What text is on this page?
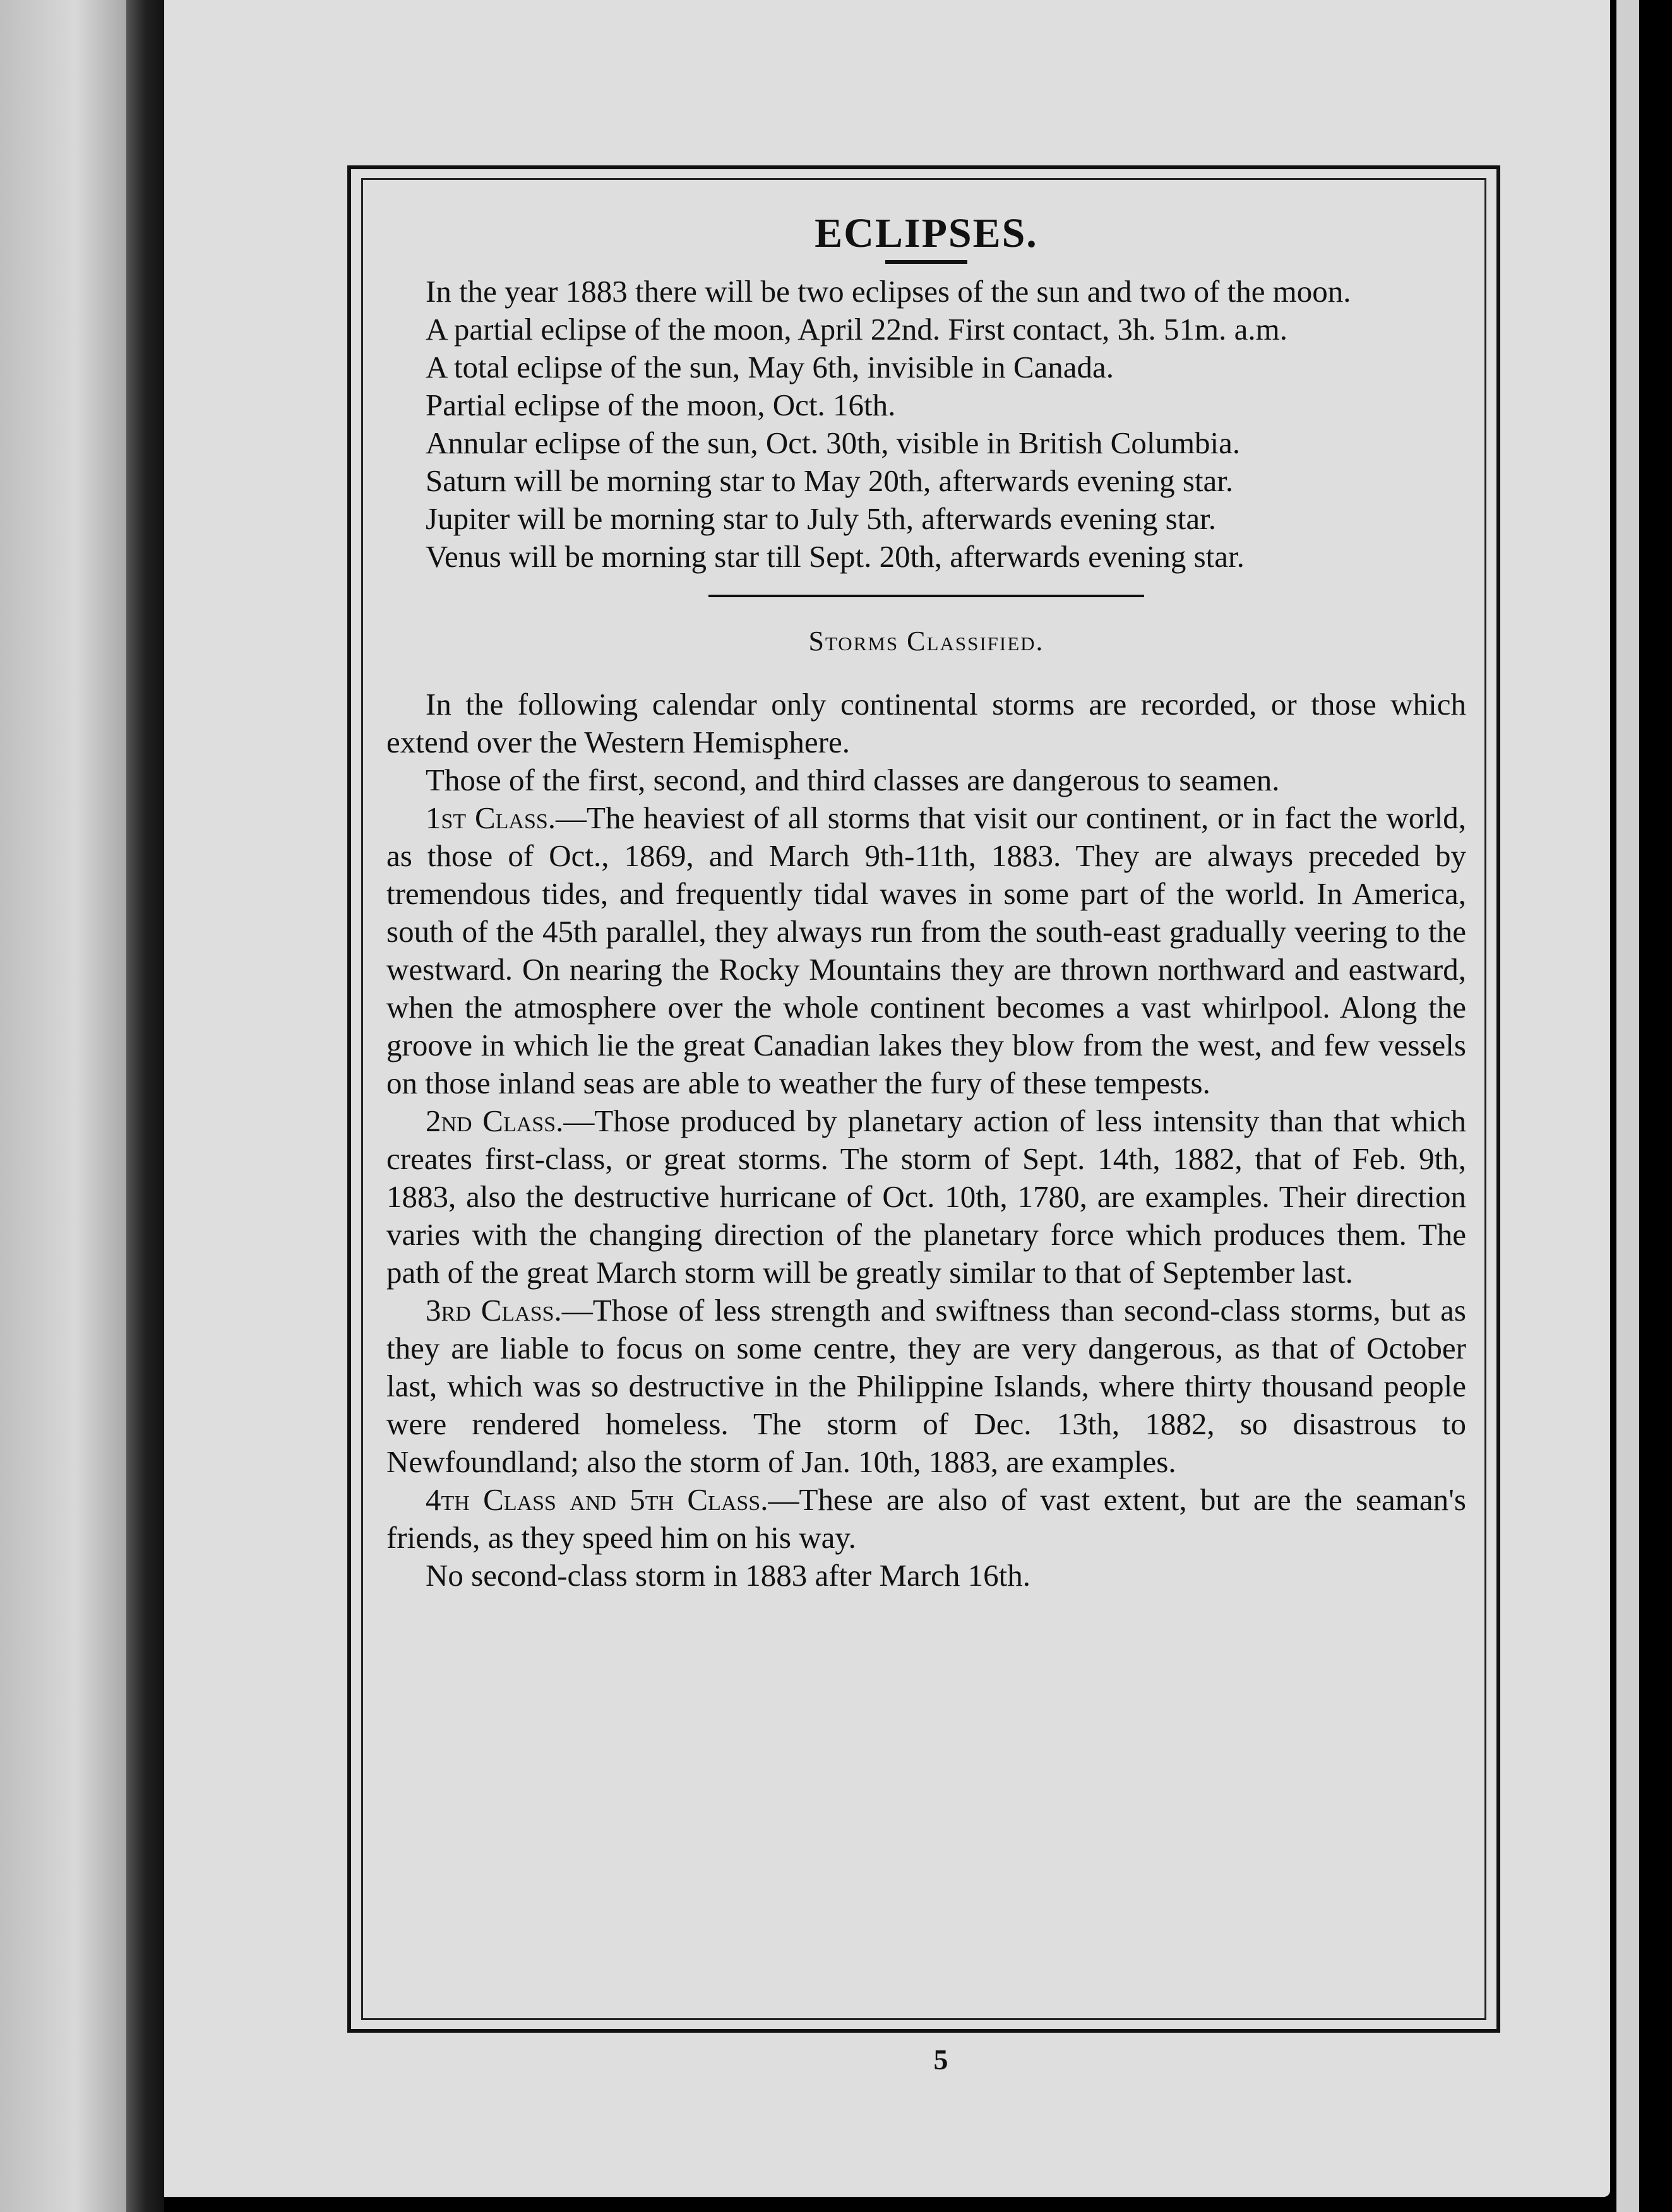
ECLIPSES.

In the year 1883 there will be two eclipses of the sun and two of the moon.

A partial eclipse of the moon, April 22nd. First contact, 3h. 51m. a.m.

A total eclipse of the sun, May 6th, invisible in Canada.

Partial eclipse of the moon, Oct. 16th.

Annular eclipse of the sun, Oct. 30th, visible in British Columbia.

Saturn will be morning star to May 20th, afterwards evening star.

Jupiter will be morning star to July 5th, afterwards evening star.

Venus will be morning star till Sept. 20th, afterwards evening star.

Storms Classified.

In the following calendar only continental storms are recorded, or those which extend over the Western Hemisphere.

Those of the first, second, and third classes are dangerous to seamen.

1st Class.—The heaviest of all storms that visit our continent, or in fact the world, as those of Oct., 1869, and March 9th-11th, 1883. They are always preceded by tremendous tides, and frequently tidal waves in some part of the world. In America, south of the 45th parallel, they always run from the south-east gradually veering to the westward. On nearing the Rocky Mountains they are thrown northward and eastward, when the atmosphere over the whole continent becomes a vast whirlpool. Along the groove in which lie the great Canadian lakes they blow from the west, and few vessels on those inland seas are able to weather the fury of these tempests.

2nd Class.—Those produced by planetary action of less intensity than that which creates first-class, or great storms. The storm of Sept. 14th, 1882, that of Feb. 9th, 1883, also the destructive hurricane of Oct. 10th, 1780, are examples. Their direction varies with the changing direction of the planetary force which produces them. The path of the great March storm will be greatly similar to that of September last.

3rd Class.—Those of less strength and swiftness than second-class storms, but as they are liable to focus on some centre, they are very dangerous, as that of October last, which was so destructive in the Philippine Islands, where thirty thousand people were rendered homeless. The storm of Dec. 13th, 1882, so disastrous to Newfoundland; also the storm of Jan. 10th, 1883, are examples.

4th Class and 5th Class.—These are also of vast extent, but are the seaman's friends, as they speed him on his way.

No second-class storm in 1883 after March 16th.

5
